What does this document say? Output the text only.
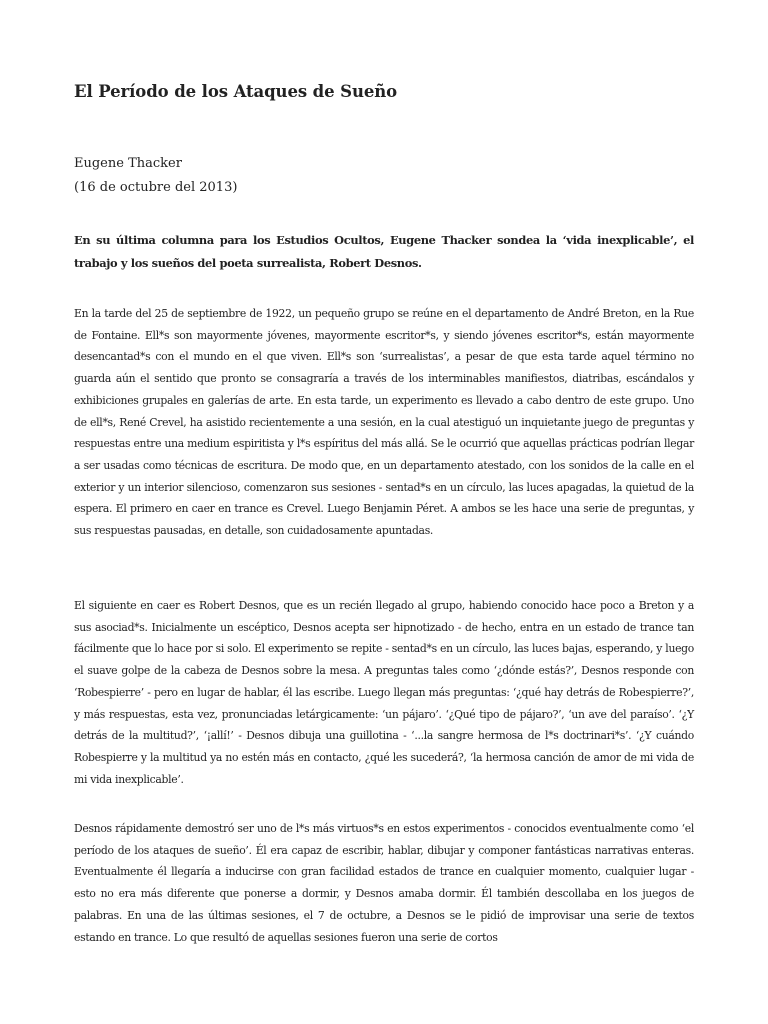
El Período de los Ataques de Sueño
Eugene Thacker
(16 de octubre del 2013)

En su última columna para los Estudios Ocultos, Eugene Thacker sondea la ‘vida inexplicable’, el trabajo y los sueños del poeta surrealista, Robert Desnos.

En la tarde del 25 de septiembre de 1922, un pequeño grupo se reúne en el departamento de André Breton, en la Rue de Fontaine. Ell*s son mayormente jóvenes, mayormente escritor*s, y siendo jóvenes escritor*s, están mayormente desencantad*s con el mundo en el que viven. Ell*s son ‘surrealistas’, a pesar de que esta tarde aquel término no guarda aún el sentido que pronto se consagraría a través de los interminables manifiestos, diatribas, escándalos y exhibiciones grupales en galerías de arte. En esta tarde, un experimento es llevado a cabo dentro de este grupo. Uno de ell*s, René Crevel, ha asistido recientemente a una sesión, en la cual atestiguó un inquietante juego de preguntas y respuestas entre una medium espiritista y l*s espíritus del más allá. Se le ocurrió que aquellas prácticas podrían llegar a ser usadas como técnicas de escritura. De modo que, en un departamento atestado, con los sonidos de la calle en el exterior y un interior silencioso, comenzaron sus sesiones - sentad*s en un círculo, las luces apagadas, la quietud de la espera. El primero en caer en trance es Crevel. Luego Benjamin Péret. A ambos se les hace una serie de preguntas, y sus respuestas pausadas, en detalle, son cuidadosamente apuntadas.

El siguiente en caer es Robert Desnos, que es un recién llegado al grupo, habiendo conocido hace poco a Breton y a sus asociad*s. Inicialmente un escéptico, Desnos acepta ser hipnotizado - de hecho, entra en un estado de trance tan fácilmente que lo hace por si solo. El experimento se repite - sentad*s en un círculo, las luces bajas, esperando, y luego el suave golpe de la cabeza de Desnos sobre la mesa. A preguntas tales como ‘¿dónde estás?’, Desnos responde con ‘Robespierre’ - pero en lugar de hablar, él las escribe. Luego llegan más preguntas: ‘¿qué hay detrás de Robespierre?’, y más respuestas, esta vez, pronunciadas letárgicamente: ‘un pájaro’. ‘¿Qué tipo de pájaro?’, ‘un ave del paraíso’. ‘¿Y detrás de la multitud?’, ‘¡allí!’ - Desnos dibuja una guillotina - ‘...la sangre hermosa de l*s doctrinari*s’. ‘¿Y cuándo Robespierre y la multitud ya no estén más en contacto, ¿qué les sucederá?, ‘la hermosa canción de amor de mi vida de mi vida inexplicable’.

Desnos rápidamente demostró ser uno de l*s más virtuos*s en estos experimentos - conocidos eventualmente como ‘el período de los ataques de sueño’. Él era capaz de escribir, hablar, dibujar y componer fantásticas narrativas enteras. Eventualmente él llegaría a inducirse con gran facilidad estados de trance en cualquier momento, cualquier lugar - esto no era más diferente que ponerse a dormir, y Desnos amaba dormir. Él también descollaba en los juegos de palabras. En una de las últimas sesiones, el 7 de octubre, a Desnos se le pidió de improvisar una serie de textos estando en trance. Lo que resultó de aquellas sesiones fueron una serie de cortos
